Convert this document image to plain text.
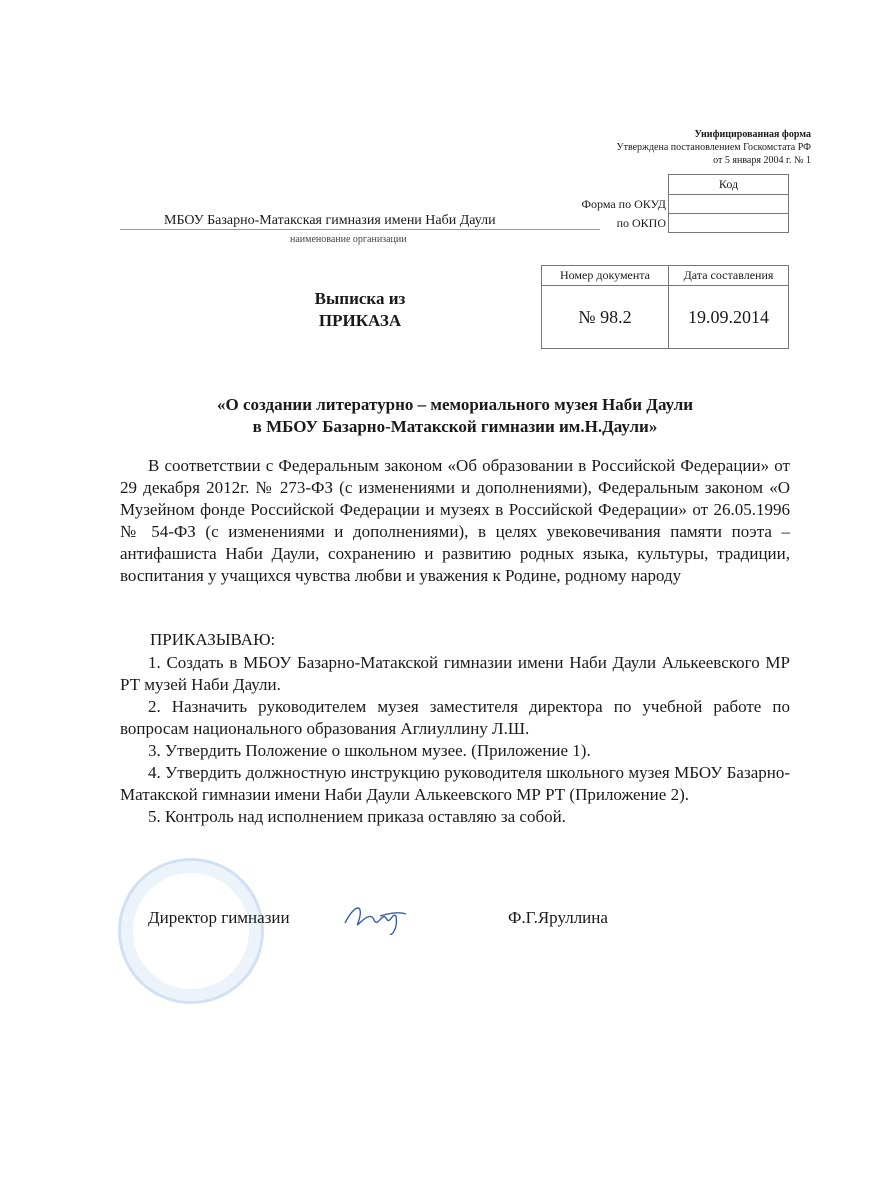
Унифицированная форма
Утверждена постановлением Госкомстата РФ
от 5 января 2004 г. № 1
Код

Форма по ОКУД
по ОКПО
МБОУ Базарно-Матакская гимназия имени Наби Даули
наименование организации
Выписка из
ПРИКАЗА
Номер документа	Дата составления
№ 98.2	19.09.2014
«О создании литературно – мемориального музея Наби Даули
в МБОУ Базарно-Матакской гимназии им.Н.Даули»
В соответствии с Федеральным законом «Об образовании в Российской Федерации» от 29 декабря 2012г. № 273-ФЗ (с изменениями и дополнениями), Федеральным законом «О Музейном фонде Российской Федерации и музеях в Российской Федерации» от 26.05.1996 № 54-ФЗ (с изменениями и дополнениями), в целях увековечивания памяти поэта – антифашиста Наби Даули, сохранению и развитию родных языка, культуры, традиции, воспитания у учащихся чувства любви и уважения к Родине, родному народу
ПРИКАЗЫВАЮ:

1. Создать в МБОУ Базарно-Матакской гимназии имени Наби Даули Алькеевского МР РТ музей Наби Даули.

2. Назначить руководителем музея заместителя директора по учебной работе по вопросам национального образования Аглиуллину Л.Ш.

3. Утвердить Положение о школьном музее. (Приложение 1).

4. Утвердить должностную инструкцию руководителя школьного музея МБОУ Базарно-Матакской гимназии имени Наби Даули Алькеевского МР РТ (Приложение 2).

5. Контроль над исполнением приказа оставляю за собой.

Директор гимназии	Ф.Г.Яруллина
